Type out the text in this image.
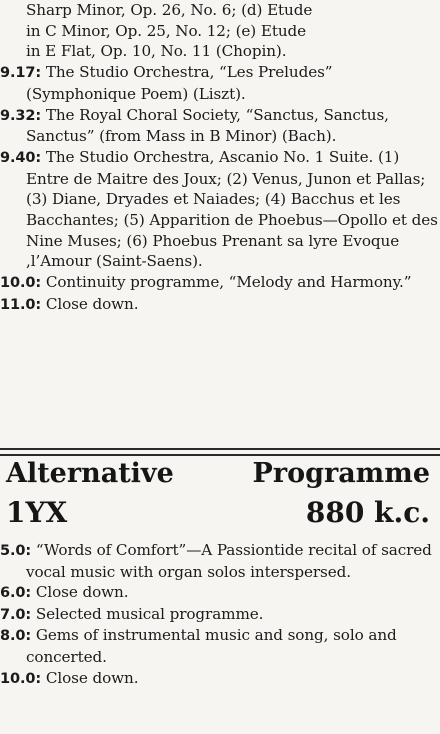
Sharp Minor, Op. 26, No. 6; (d) Etude

in C Minor, Op. 25, No. 12; (e) Etude

in E Flat, Op. 10, No. 11 (Chopin).

9.17: The Studio Orchestra, “Les Preludes” (Symphonique Poem) (Liszt).

9.32: The Royal Choral Society, “Sanctus, Sanctus, Sanctus” (from Mass in B Minor) (Bach).

9.40: The Studio Orchestra, Ascanio No. 1 Suite. (1) Entre de Maitre des Joux; (2) Venus, Junon et Pallas; (3) Diane, Dryades et Naiades; (4) Bacchus et les Bacchantes; (5) Apparition de Phoebus—Opollo et des Nine Muses; (6) Phoebus Prenant sa lyre Evoque ,l’Amour (Saint-Saens).

10.0: Continuity programme, “Melody and Harmony.”

11.0: Close down.

Alternative	Programme
1YX	880 k.c.

5.0: “Words of Comfort”—A Passiontide recital of sacred vocal music with organ solos interspersed.

6.0: Close down.

7.0: Selected musical programme.

8.0: Gems of instrumental music and song, solo and concerted.

10.0: Close down.
